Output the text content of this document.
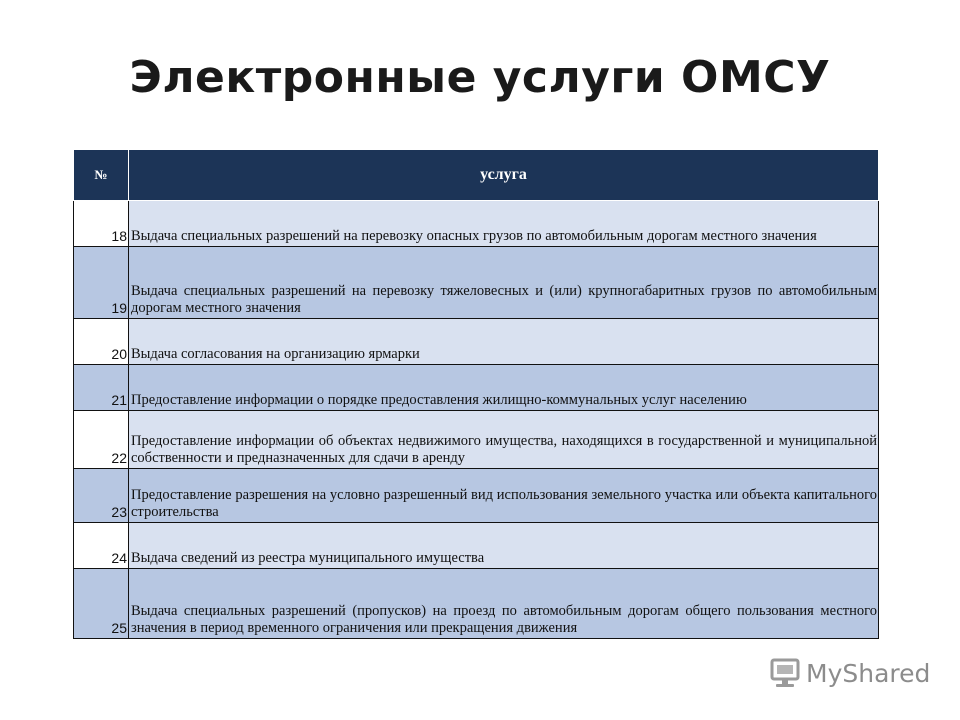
Электронные услуги ОМСУ
№	услуга
18	Выдача специальных разрешений на перевозку опасных грузов по автомобильным дорогам местного значения
19	Выдача специальных разрешений на перевозку тяжеловесных и (или) крупногабаритных грузов по автомобильным дорогам местного значения
20	Выдача согласования на организацию ярмарки
21	Предоставление информации о порядке предоставления жилищно-коммунальных услуг населению
22	Предоставление информации об объектах недвижимого имущества, находящихся в государственной и муниципальной собственности и предназначенных для сдачи в аренду
23	Предоставление разрешения на условно разрешенный вид использования земельного участка или объекта капитального строительства
24	Выдача сведений из реестра муниципального имущества
25	Выдача специальных разрешений (пропусков) на проезд по автомобильным дорогам общего пользования местного значения в период временного ограничения или прекращения движения
MyShared
